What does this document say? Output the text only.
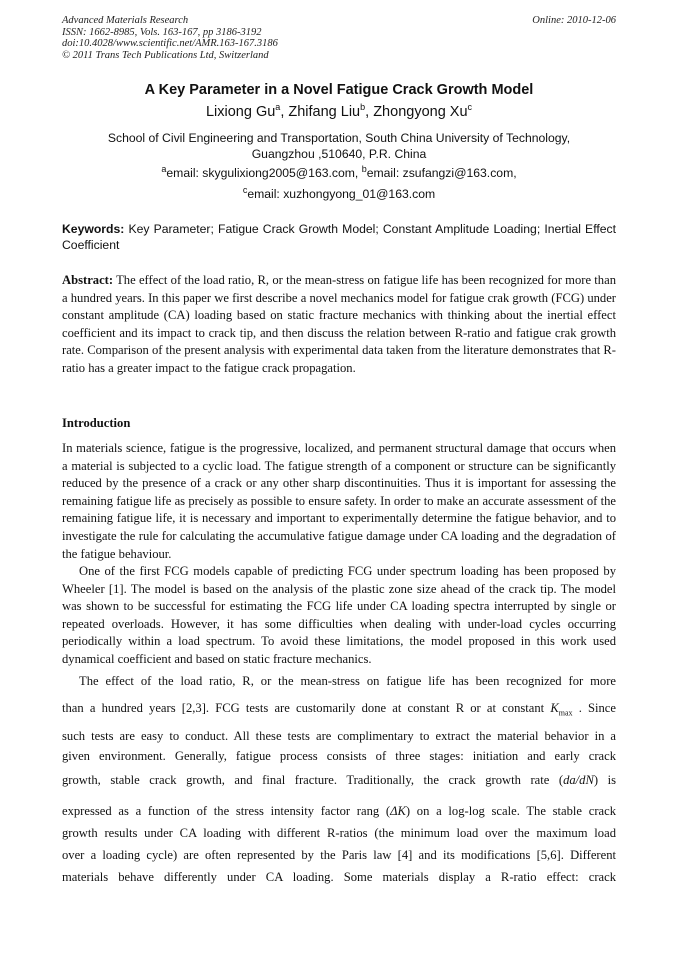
Advanced Materials Research
ISSN: 1662-8985, Vols. 163-167, pp 3186-3192
doi:10.4028/www.scientific.net/AMR.163-167.3186
© 2011 Trans Tech Publications Ltd, Switzerland
Online: 2010-12-06
A Key Parameter in a Novel Fatigue Crack Growth Model
Lixiong Gu$^a$, Zhifang Liu$^b$, Zhongyong Xu$^c$
School of Civil Engineering and Transportation, South China University of Technology,
Guangzhou ,510640, P.R. China
$^a$email: skygulixiong2005@163.com, $^b$email: zsufangzi@163.com,
$^c$email: xuzhongyong_01@163.com
Keywords: Key Parameter; Fatigue Crack Growth Model; Constant Amplitude Loading; Inertial Effect Coefficient
Abstract: The effect of the load ratio, R, or the mean-stress on fatigue life has been recognized for more than a hundred years. In this paper we first describe a novel mechanics model for fatigue crak growth (FCG) under constant amplitude (CA) loading based on static fracture mechanics with thinking about the inertial effect coefficient and its impact to crack tip, and then discuss the relation between R-ratio and fatigue crak growth rate. Comparison of the present analysis with experimental data taken from the literature demonstrates that R-ratio has a greater impact to the fatigue crack propagation.
Introduction
In materials science, fatigue is the progressive, localized, and permanent structural damage that occurs when a material is subjected to a cyclic load. The fatigue strength of a component or structure can be significantly reduced by the presence of a crack or any other sharp discontinuities. Thus it is important for assessing the remaining fatigue life as precisely as possible to ensure safety. In order to make an accurate assessment of the remaining fatigue life, it is necessary and important to experimentally determine the fatigue behavior, and to investigate the rule for calculating the accumulative fatigue damage under CA loading and the degradation of the fatigue behaviour.
One of the first FCG models capable of predicting FCG under spectrum loading has been proposed by Wheeler [1]. The model is based on the analysis of the plastic zone size ahead of the crack tip. The model was shown to be successful for estimating the FCG life under CA loading spectra interrupted by single or repeated overloads. However, it has some difficulties when dealing with under-load cycles occurring periodically within a load spectrum. To avoid these limitations, the model proposed in this work used dynamical coefficient and based on static fracture mechanics.
The effect of the load ratio, R, or the mean-stress on fatigue life has been recognized for more
than a hundred years [2,3]. FCG tests are customarily done at constant R or at constant $K_{max}$ . Since
such tests are easy to conduct. All these tests are complimentary to extract the material behavior in a
given environment. Generally, fatigue process consists of three stages: initiation and early crack
growth, stable crack growth, and final fracture. Traditionally, the crack growth rate (da/dN) is
expressed as a function of the stress intensity factor rang (ΔK) on a log-log scale. The stable crack
growth results under CA loading with different R-ratios (the minimum load over the maximum load
over a loading cycle) are often represented by the Paris law [4] and its modifications [5,6]. Different
materials behave differently under CA loading. Some materials display a R-ratio effect: crack
